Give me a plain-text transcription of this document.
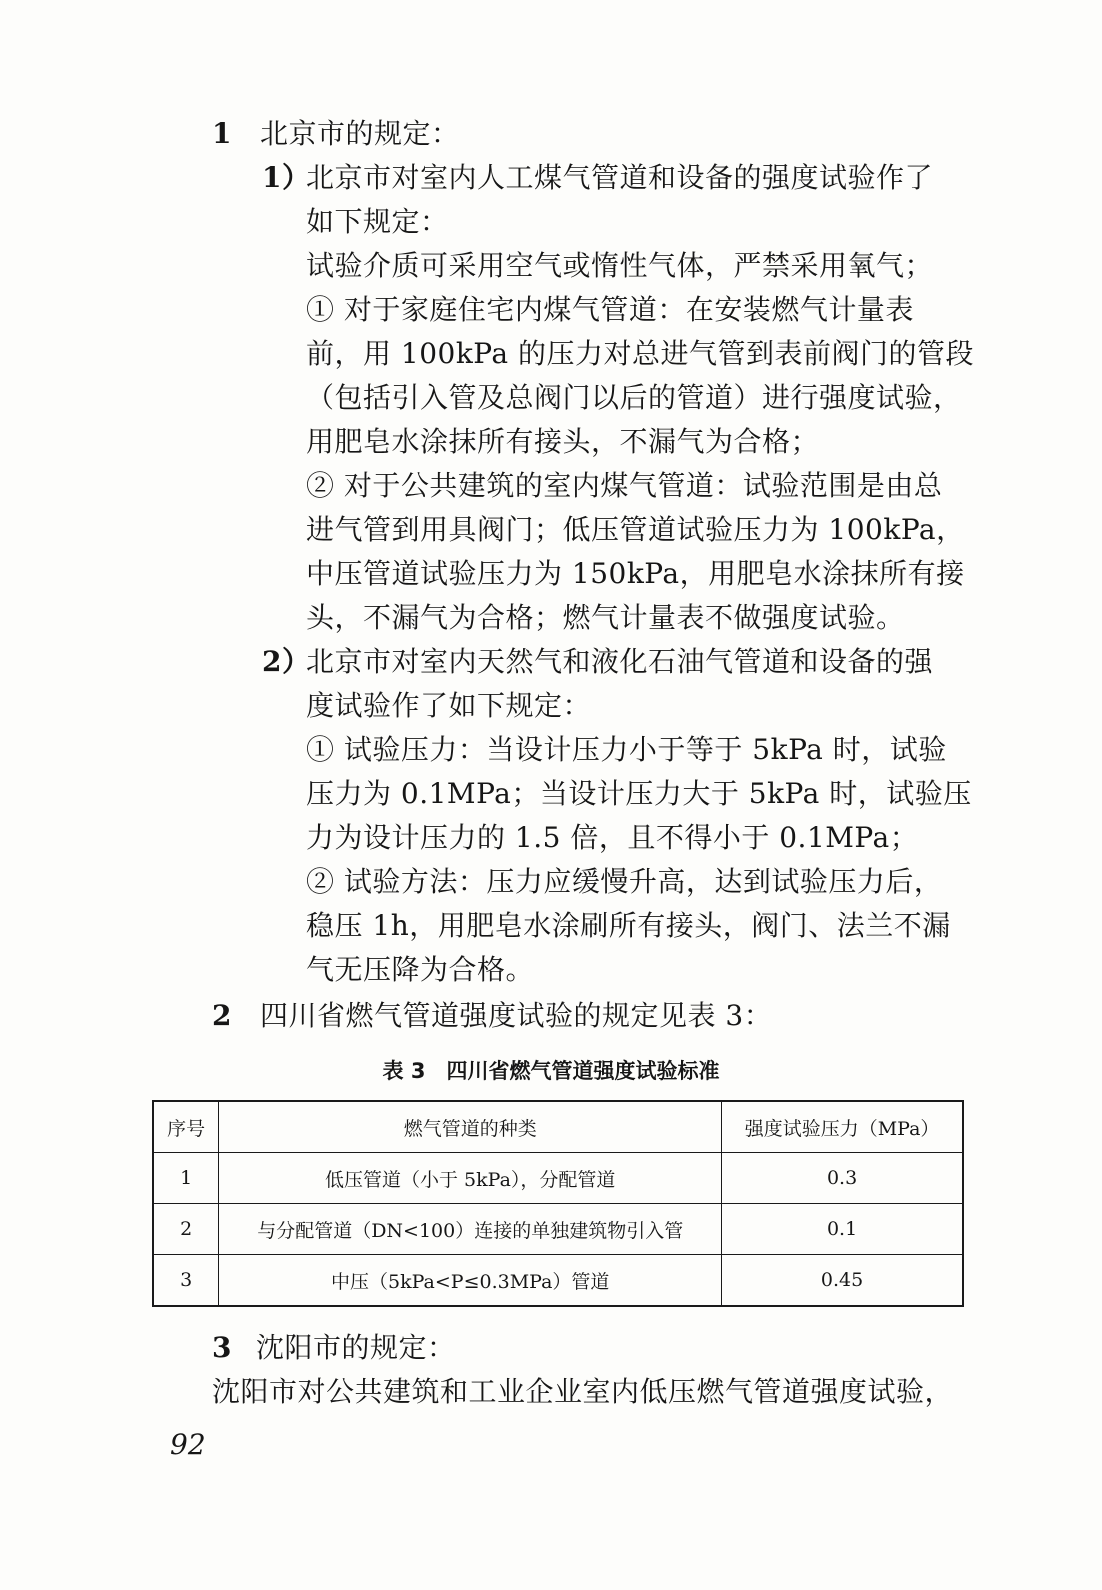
1 北京市的规定：
1）北京市对室内人工煤气管道和设备的强度试验作了
如下规定：
试验介质可采用空气或惰性气体，严禁采用氧气；
① 对于家庭住宅内煤气管道：在安装燃气计量表
前，用 100kPa 的压力对总进气管到表前阀门的管段
（包括引入管及总阀门以后的管道）进行强度试验，
用肥皂水涂抹所有接头，不漏气为合格；
② 对于公共建筑的室内煤气管道：试验范围是由总
进气管到用具阀门；低压管道试验压力为 100kPa，
中压管道试验压力为 150kPa，用肥皂水涂抹所有接
头，不漏气为合格；燃气计量表不做强度试验。
2）北京市对室内天然气和液化石油气管道和设备的强
度试验作了如下规定：
① 试验压力：当设计压力小于等于 5kPa 时，试验
压力为 0.1MPa；当设计压力大于 5kPa 时，试验压
力为设计压力的 1.5 倍，且不得小于 0.1MPa；
② 试验方法：压力应缓慢升高，达到试验压力后，
稳压 1h，用肥皂水涂刷所有接头，阀门、法兰不漏
气无压降为合格。
2 四川省燃气管道强度试验的规定见表 3：
表 3　四川省燃气管道强度试验标准
序号	燃气管道的种类	强度试验压力（MPa）
1	低压管道（小于 5kPa），分配管道	0.3
2	与分配管道（DN<100）连接的单独建筑物引入管	0.1
3	中压（5kPa<P≤0.3MPa）管道	0.45
3 沈阳市的规定：
沈阳市对公共建筑和工业企业室内低压燃气管道强度试验，
92
